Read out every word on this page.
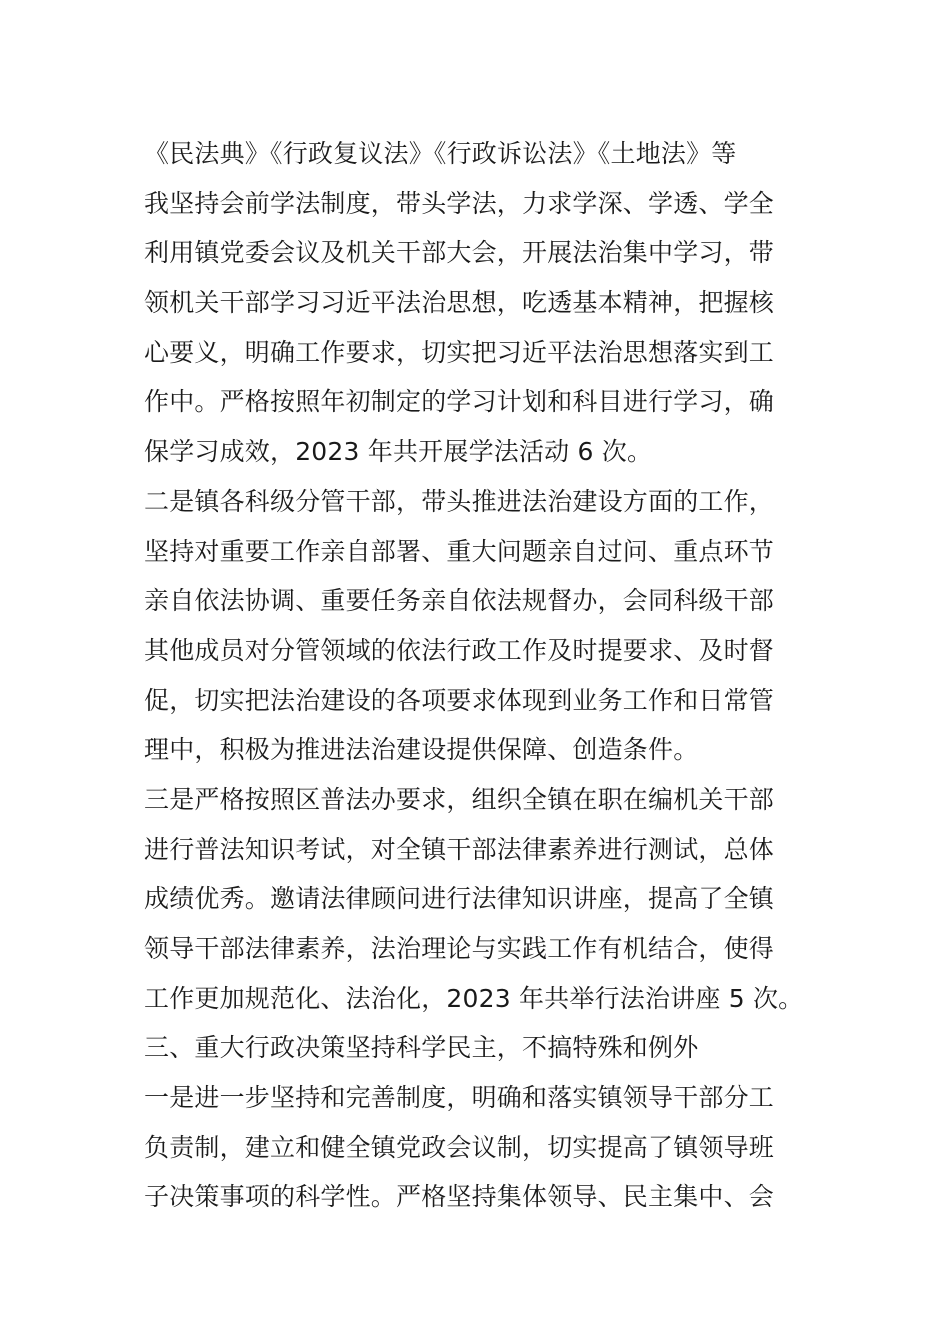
《民法典》《行政复议法》《行政诉讼法》《土地法》等
我坚持会前学法制度，带头学法，力求学深、学透、学全
利用镇党委会议及机关干部大会，开展法治集中学习，带
领机关干部学习习近平法治思想，吃透基本精神，把握核
心要义，明确工作要求，切实把习近平法治思想落实到工
作中。严格按照年初制定的学习计划和科目进行学习，确
保学习成效，2023 年共开展学法活动 6 次。
二是镇各科级分管干部，带头推进法治建设方面的工作，
坚持对重要工作亲自部署、重大问题亲自过问、重点环节
亲自依法协调、重要任务亲自依法规督办，会同科级干部
其他成员对分管领域的依法行政工作及时提要求、及时督
促，切实把法治建设的各项要求体现到业务工作和日常管
理中，积极为推进法治建设提供保障、创造条件。
三是严格按照区普法办要求，组织全镇在职在编机关干部
进行普法知识考试，对全镇干部法律素养进行测试，总体
成绩优秀。邀请法律顾问进行法律知识讲座，提高了全镇
领导干部法律素养，法治理论与实践工作有机结合，使得
工作更加规范化、法治化，2023 年共举行法治讲座 5 次。
三、重大行政决策坚持科学民主，不搞特殊和例外
一是进一步坚持和完善制度，明确和落实镇领导干部分工
负责制，建立和健全镇党政会议制，切实提高了镇领导班
子决策事项的科学性。严格坚持集体领导、民主集中、会
